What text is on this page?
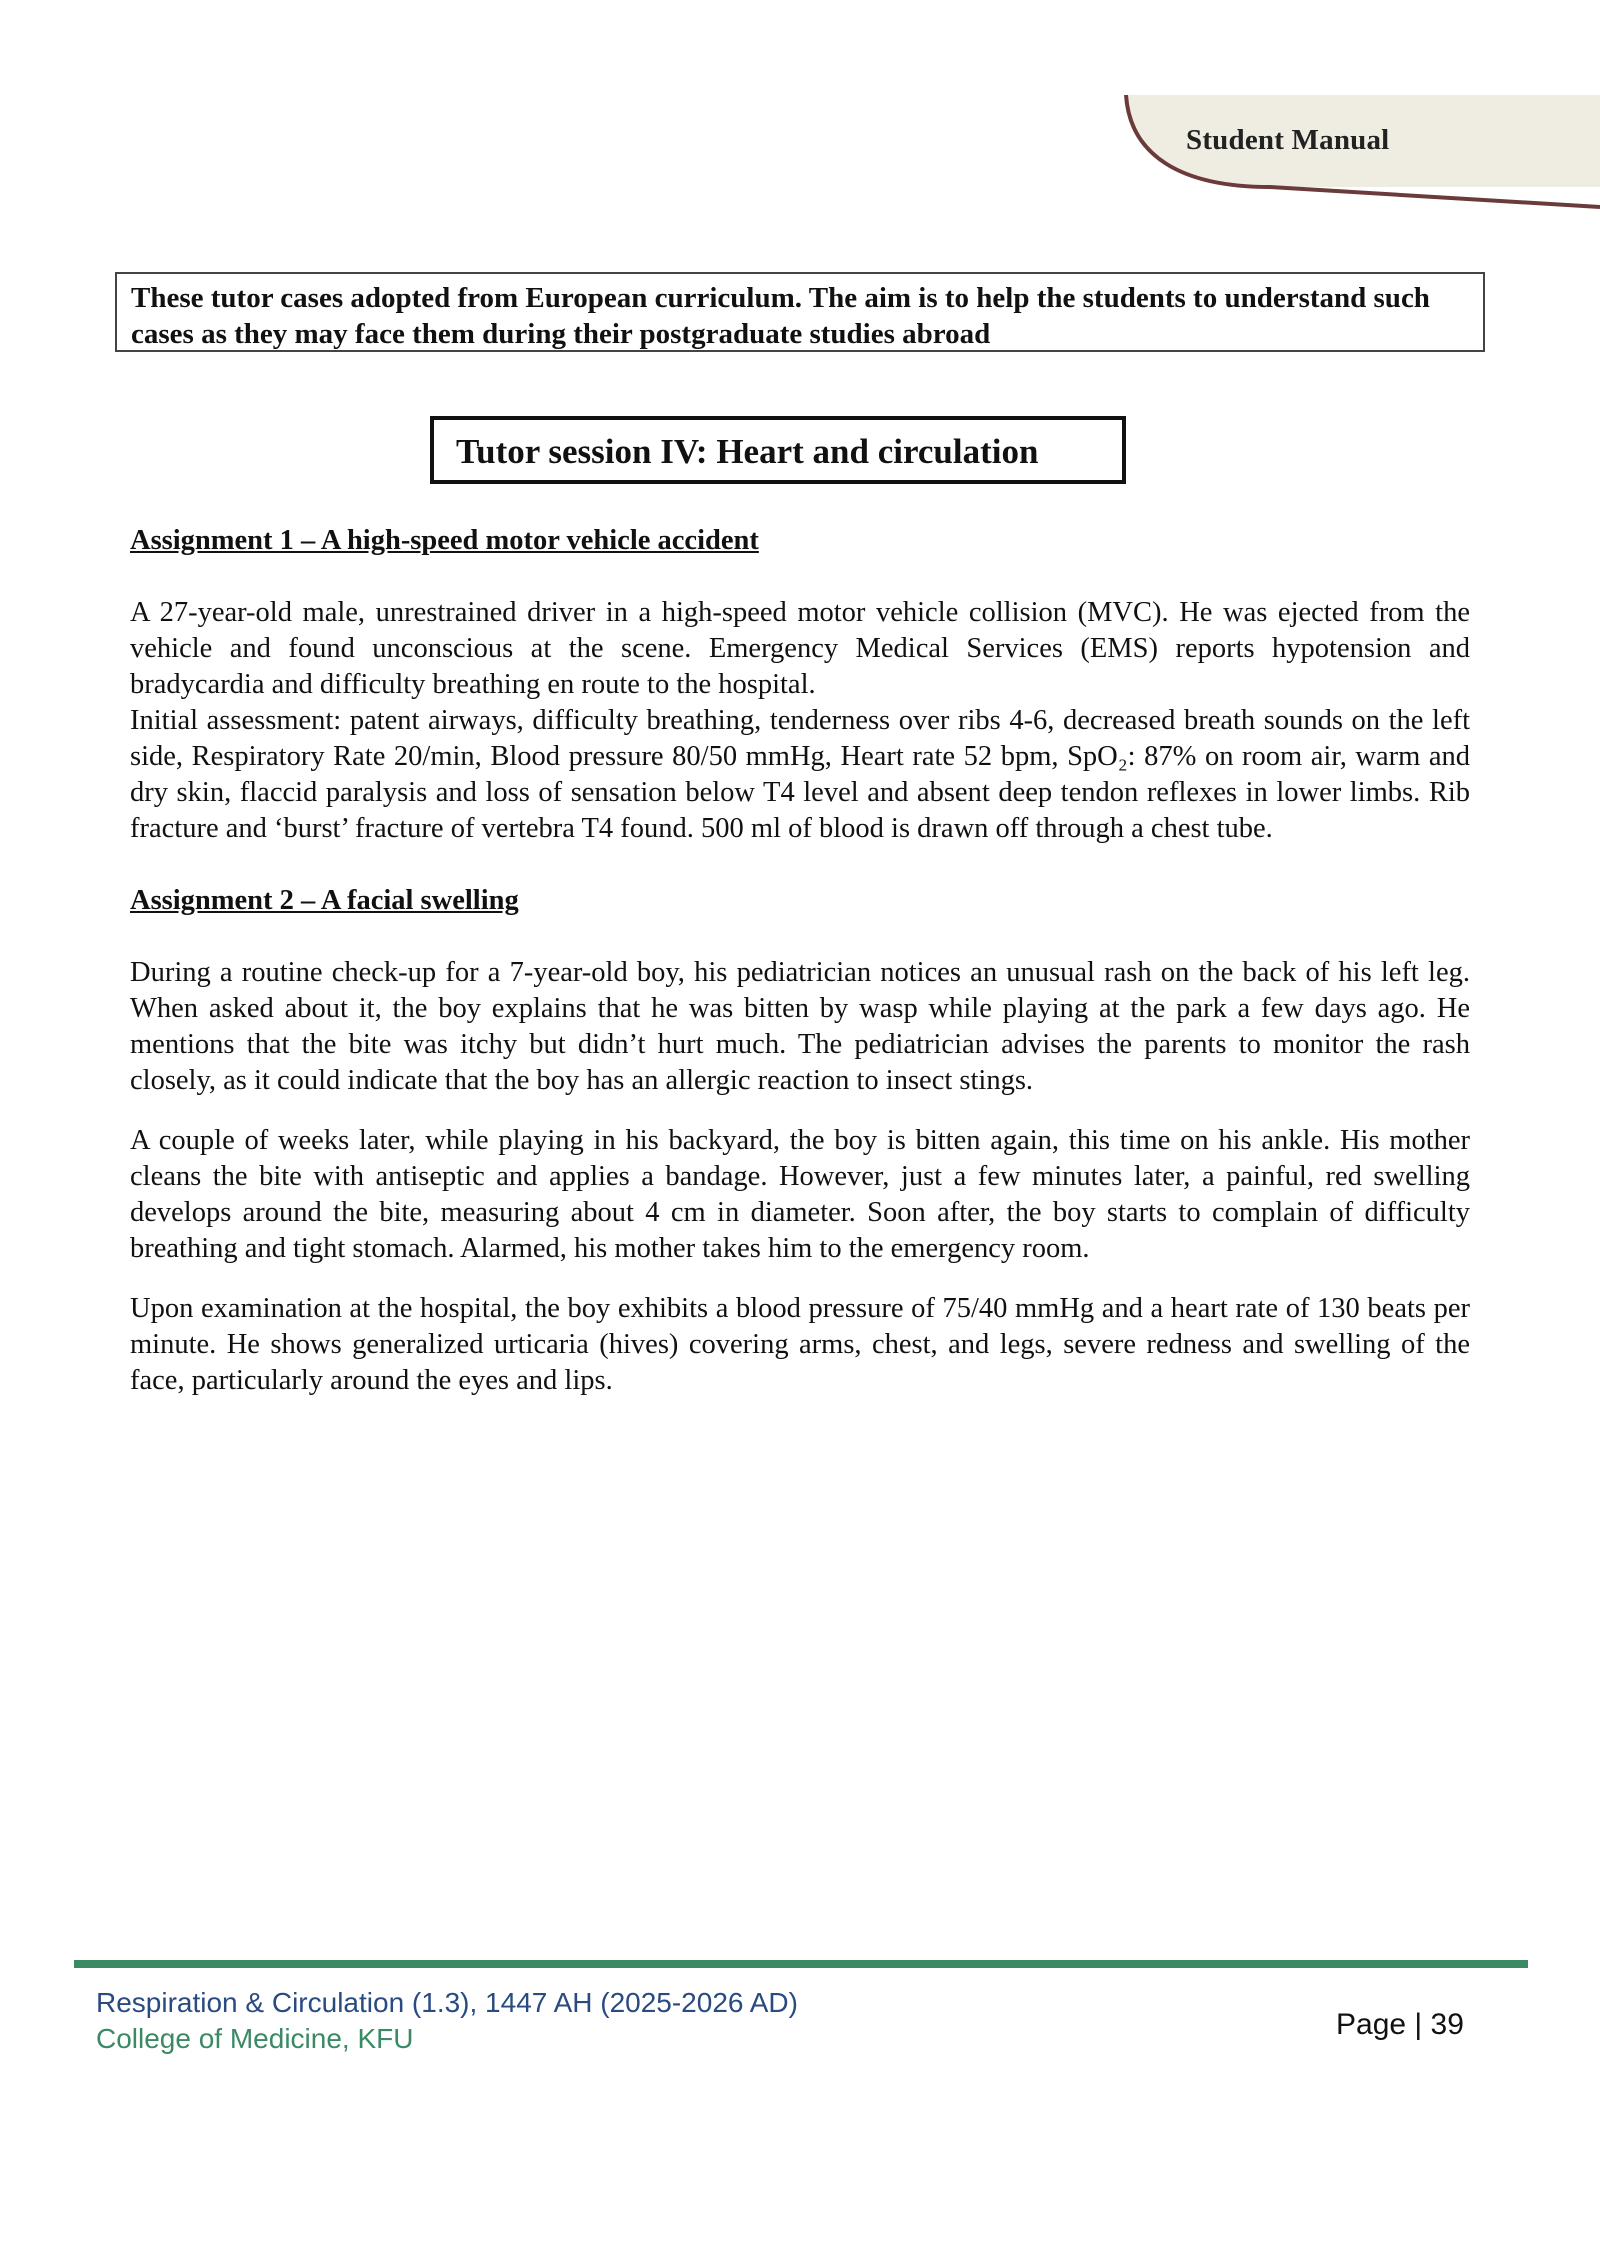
Student Manual
These tutor cases adopted from European curriculum. The aim is to help the students to understand such cases as they may face them during their postgraduate studies abroad
Tutor session IV: Heart and circulation

Assignment 1 – A high-speed motor vehicle accident

A 27-year-old male, unrestrained driver in a high-speed motor vehicle collision (MVC). He was ejected from the vehicle and found unconscious at the scene. Emergency Medical Services (EMS) reports hypotension and bradycardia and difficulty breathing en route to the hospital.

Initial assessment: patent airways, difficulty breathing, tenderness over ribs 4-6, decreased breath sounds on the left side, Respiratory Rate 20/min, Blood pressure 80/50 mmHg, Heart rate 52 bpm, SpO₂: 87% on room air, warm and dry skin, flaccid paralysis and loss of sensation below T4 level and absent deep tendon reflexes in lower limbs. Rib fracture and ‘burst’ fracture of vertebra T4 found. 500 ml of blood is drawn off through a chest tube.

Assignment 2 – A facial swelling

During a routine check-up for a 7-year-old boy, his pediatrician notices an unusual rash on the back of his left leg. When asked about it, the boy explains that he was bitten by wasp while playing at the park a few days ago. He mentions that the bite was itchy but didn’t hurt much. The pediatrician advises the parents to monitor the rash closely, as it could indicate that the boy has an allergic reaction to insect stings.

A couple of weeks later, while playing in his backyard, the boy is bitten again, this time on his ankle. His mother cleans the bite with antiseptic and applies a bandage. However, just a few minutes later, a painful, red swelling develops around the bite, measuring about 4 cm in diameter. Soon after, the boy starts to complain of difficulty breathing and tight stomach. Alarmed, his mother takes him to the emergency room.

Upon examination at the hospital, the boy exhibits a blood pressure of 75/40 mmHg and a heart rate of 130 beats per minute. He shows generalized urticaria (hives) covering arms, chest, and legs, severe redness and swelling of the face, particularly around the eyes and lips.

Respiration & Circulation (1.3), 1447 AH (2025-2026 AD)
College of Medicine, KFU	Page | 39
